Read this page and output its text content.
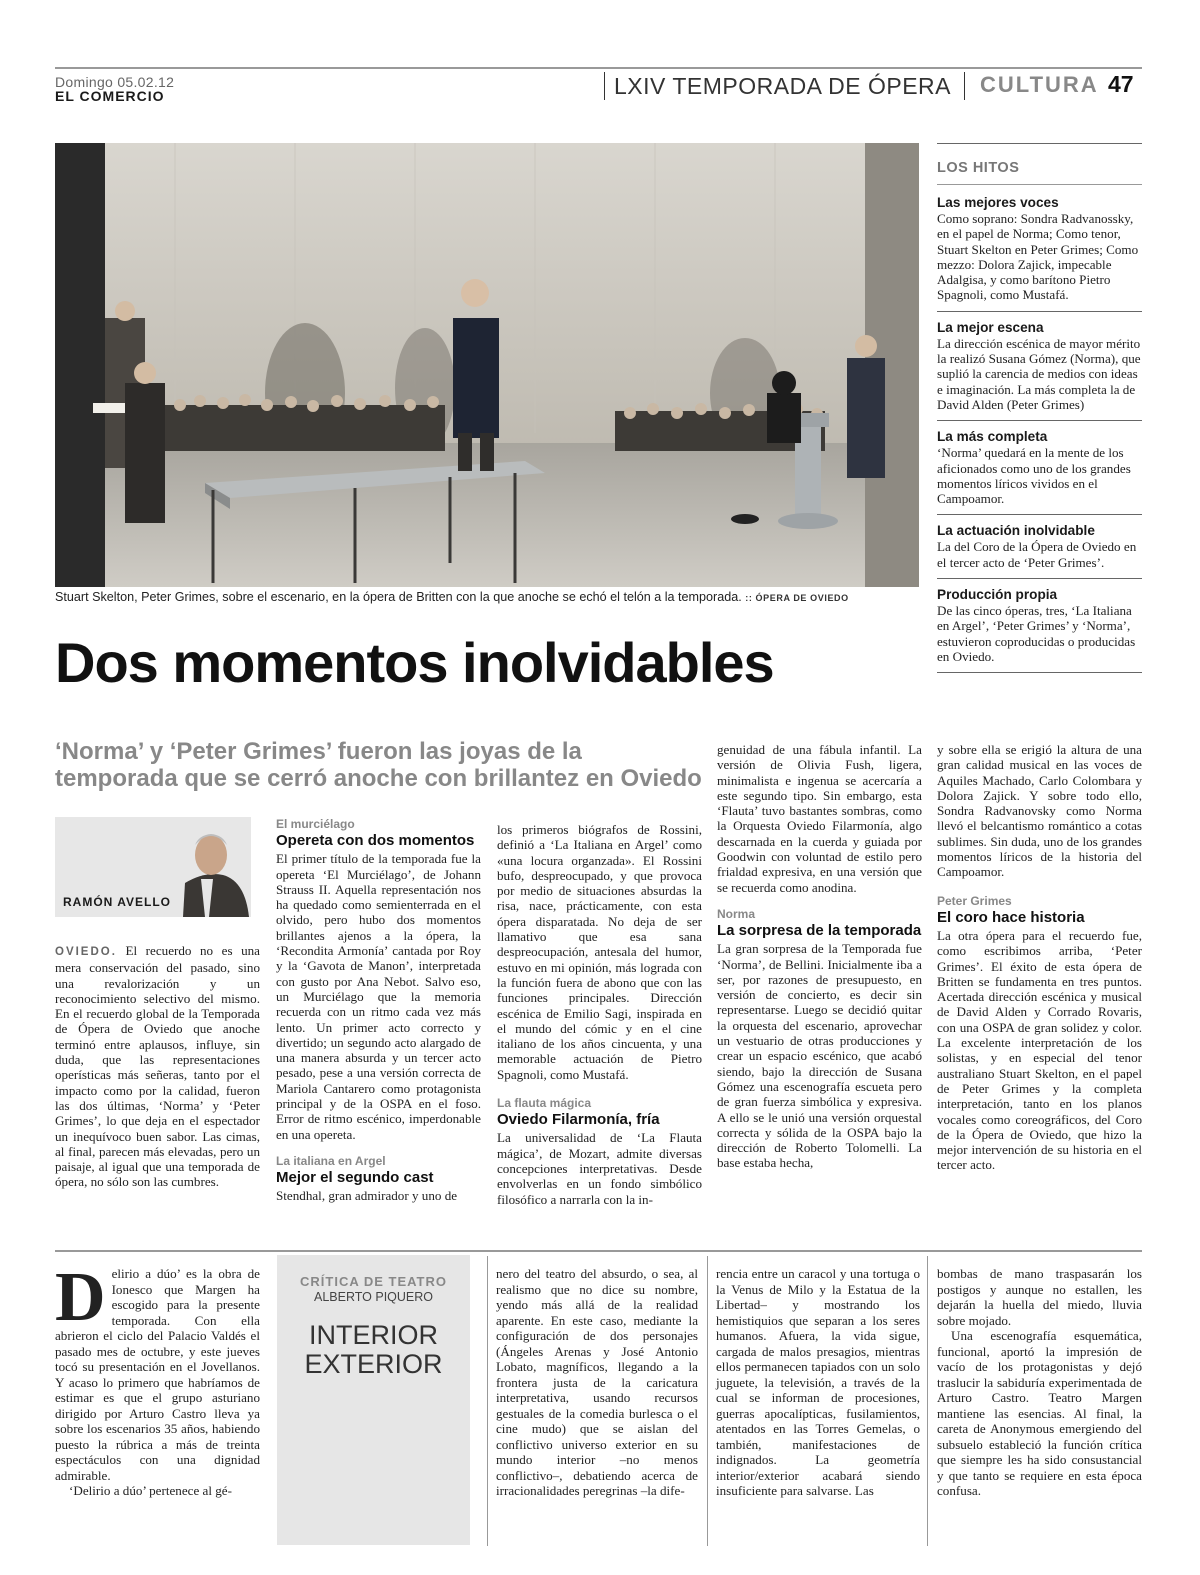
Domingo 05.02.12
EL COMERCIO	LXIV TEMPORADA DE ÓPERA CULTURA 47
Stuart Skelton, Peter Grimes, sobre el escenario, en la ópera de Britten con la que anoche se echó el telón a la temporada. :: ÓPERA DE OVIEDO
LOS HITOS
Las mejores voces

Como soprano: Sondra Radvanossky, en el papel de Norma; Como tenor, Stuart Skelton en Peter Grimes; Como mezzo: Dolora Zajick, impecable Adalgisa, y como barítono Pietro Spagnoli, como Mustafá.

La mejor escena

La dirección escénica de mayor mérito la realizó Susana Gómez (Norma), que suplió la carencia de medios con ideas e imaginación. La más completa la de David Alden (Peter Grimes)

La más completa

‘Norma’ quedará en la mente de los aficionados como uno de los grandes momentos líricos vividos en el Campoamor.

La actuación inolvidable

La del Coro de la Ópera de Oviedo en el tercer acto de ‘Peter Grimes’.

Producción propia

De las cinco óperas, tres, ‘La Italiana en Argel’, ‘Peter Grimes’ y ‘Norma’, estuvieron coproducidas o producidas en Oviedo.

Dos momentos inolvidables
‘Norma’ y ‘Peter Grimes’ fueron las joyas de la temporada que se cerró anoche con brillantez en Oviedo
RAMÓN AVELLO

OVIEDO. El recuerdo no es una mera conservación del pasado, sino una revalorización y un reconocimiento selectivo del mismo. En el recuerdo global de la Temporada de Ópera de Oviedo que anoche terminó entre aplausos, influye, sin duda, que las representaciones operísticas más señeras, tanto por el impacto como por la calidad, fueron las dos últimas, ‘Norma’ y ‘Peter Grimes’, lo que deja en el espectador un inequívoco buen sabor. Las cimas, al final, parecen más elevadas, pero un paisaje, al igual que una temporada de ópera, no sólo son las cumbres.

El murciélago
Opereta con dos momentos

El primer título de la temporada fue la opereta ‘El Murciélago’, de Johann Strauss II. Aquella representación nos ha quedado como semienterrada en el olvido, pero hubo dos momentos brillantes ajenos a la ópera, la ‘Recondita Armonía’ cantada por Roy y la ‘Gavota de Manon’, interpretada con gusto por Ana Nebot. Salvo eso, un Murciélago que la memoria recuerda con un ritmo cada vez más lento. Un primer acto correcto y divertido; un segundo acto alargado de una manera absurda y un tercer acto pesado, pese a una versión correcta de Mariola Cantarero como protagonista principal y de la OSPA en el foso. Error de ritmo escénico, imperdonable en una opereta.

La italiana en Argel
Mejor el segundo cast

Stendhal, gran admirador y uno de

los primeros biógrafos de Rossini, definió a ‘La Italiana en Argel’ como «una locura organzada». El Rossini bufo, despreocupado, y que provoca por medio de situaciones absurdas la risa, nace, prácticamente, con esta ópera disparatada. No deja de ser llamativo que esa sana despreocupación, antesala del humor, estuvo en mi opinión, más lograda con la función fuera de abono que con las funciones principales. Dirección escénica de Emilio Sagi, inspirada en el mundo del cómic y en el cine italiano de los años cincuenta, y una memorable actuación de Pietro Spagnoli, como Mustafá.

La flauta mágica
Oviedo Filarmonía, fría

La universalidad de ‘La Flauta mágica’, de Mozart, admite diversas concepciones interpretativas. Desde envolverlas en un fondo simbólico filosófico a narrarla con la in-

genuidad de una fábula infantil. La versión de Olivia Fush, ligera, minimalista e ingenua se acercaría a este segundo tipo. Sin embargo, esta ‘Flauta’ tuvo bastantes sombras, como la Orquesta Oviedo Filarmonía, algo descarnada en la cuerda y guiada por Goodwin con voluntad de estilo pero frialdad expresiva, en una versión que se recuerda como anodina.

Norma
La sorpresa de la temporada

La gran sorpresa de la Temporada fue ‘Norma’, de Bellini. Inicialmente iba a ser, por razones de presupuesto, en versión de concierto, es decir sin representarse. Luego se decidió quitar la orquesta del escenario, aprovechar un vestuario de otras producciones y crear un espacio escénico, que acabó siendo, bajo la dirección de Susana Gómez una escenografía escueta pero de gran fuerza simbólica y expresiva. A ello se le unió una versión orquestal correcta y sólida de la OSPA bajo la dirección de Roberto Tolomelli. La base estaba hecha,

y sobre ella se erigió la altura de una gran calidad musical en las voces de Aquiles Machado, Carlo Colombara y Dolora Zajick. Y sobre todo ello, Sondra Radvanovsky como Norma llevó el belcantismo romántico a cotas sublimes. Sin duda, uno de los grandes momentos líricos de la historia del Campoamor.

Peter Grimes
El coro hace historia

La otra ópera para el recuerdo fue, como escribimos arriba, ‘Peter Grimes’. El éxito de esta ópera de Britten se fundamenta en tres puntos. Acertada dirección escénica y musical de David Alden y Corrado Rovaris, con una OSPA de gran solidez y color. La excelente interpretación de los solistas, y en especial del tenor australiano Stuart Skelton, en el papel de Peter Grimes y la completa interpretación, tanto en los planos vocales como coreográficos, del Coro de la Ópera de Oviedo, que hizo la mejor intervención de su historia en el tercer acto.

Delirio a dúo’ es la obra de Ionesco que Margen ha escogido para la presente temporada. Con ella abrieron el ciclo del Palacio Valdés el pasado mes de octubre, y este jueves tocó su presentación en el Jovellanos. Y acaso lo primero que habríamos de estimar es que el grupo asturiano dirigido por Arturo Castro lleva ya sobre los escenarios 35 años, habiendo puesto la rúbrica a más de treinta espectáculos con una dignidad admirable.

‘Delirio a dúo’ pertenece al gé-

CRÍTICA DE TEATRO
ALBERTO PIQUERO
INTERIOR
EXTERIOR

nero del teatro del absurdo, o sea, al realismo que no dice su nombre, yendo más allá de la realidad aparente. En este caso, mediante la configuración de dos personajes (Ángeles Arenas y José Antonio Lobato, magníficos, llegando a la frontera justa de la caricatura interpretativa, usando recursos gestuales de la comedia burlesca o el cine mudo) que se aislan del conflictivo universo exterior en su mundo interior –no menos conflictivo–, debatiendo acerca de irracionalidades peregrinas –la dife-

rencia entre un caracol y una tortuga o la Venus de Milo y la Estatua de la Libertad– y mostrando los hemistiquios que separan a los seres humanos. Afuera, la vida sigue, cargada de malos presagios, mientras ellos permanecen tapiados con un solo juguete, la televisión, a través de la cual se informan de procesiones, guerras apocalípticas, fusilamientos, atentados en las Torres Gemelas, o también, manifestaciones de indignados. La geometría interior/exterior acabará siendo insuficiente para salvarse. Las

bombas de mano traspasarán los postigos y aunque no estallen, les dejarán la huella del miedo, lluvia sobre mojado.

Una escenografía esquemática, funcional, aportó la impresión de vacío de los protagonistas y dejó traslucir la sabiduría experimentada de Arturo Castro. Teatro Margen mantiene las esencias. Al final, la careta de Anonymous emergiendo del subsuelo estableció la función crítica que siempre les ha sido consustancial y que tanto se requiere en esta época confusa.
